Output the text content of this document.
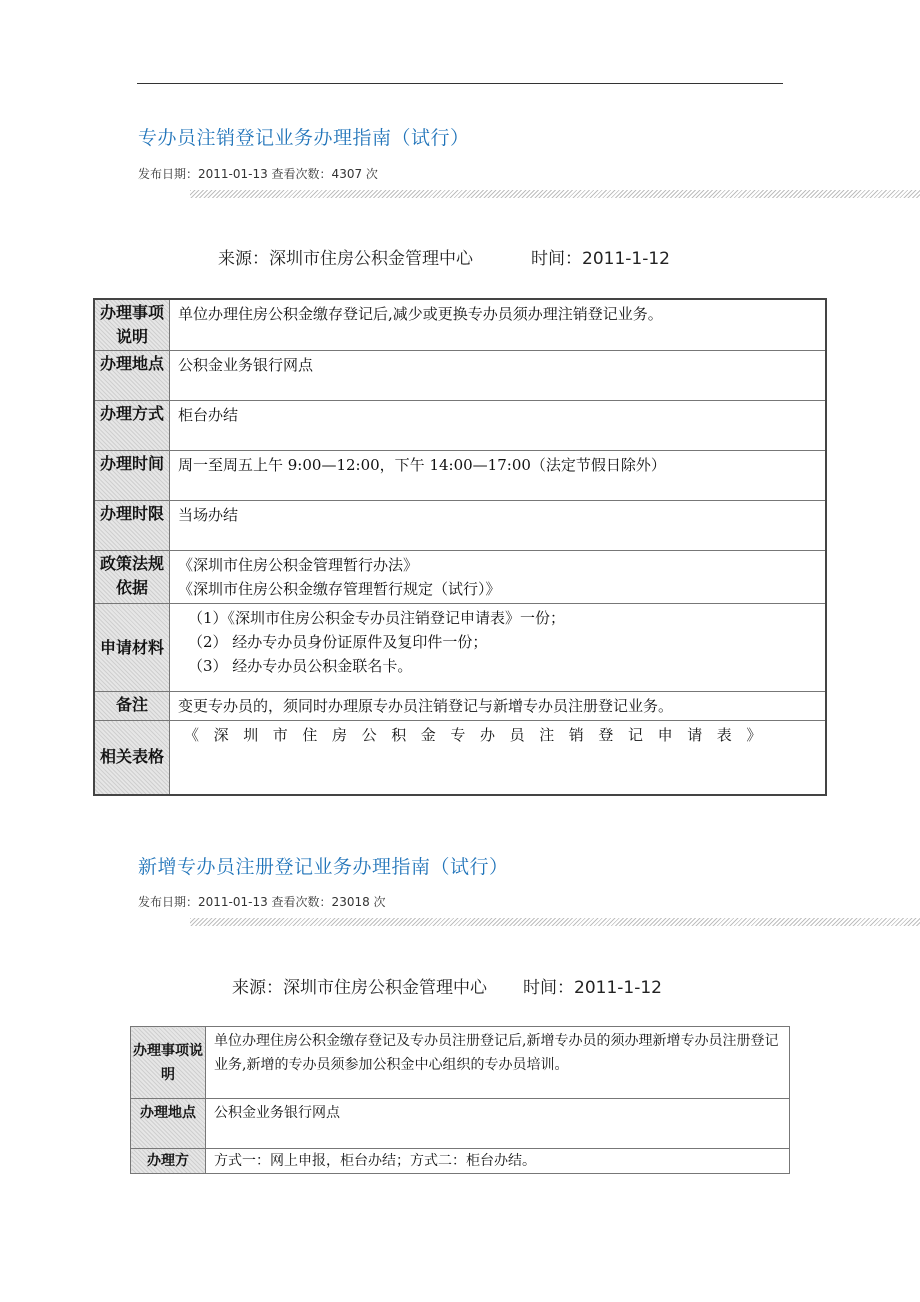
专办员注销登记业务办理指南（试行）
发布日期：2011-01-13 查看次数：4307 次
来源：深圳市住房公积金管理中心	时间：2011-1-12
办理事项说明	单位办理住房公积金缴存登记后,减少或更换专办员须办理注销登记业务。

办理地点	公积金业务银行网点

办理方式	柜台办结

办理时间	周一至周五上午 9:00—12:00，下午 14:00—17:00（法定节假日除外）

办理时限	当场办结

政策法规依据	《深圳市住房公积金管理暂行办法》
《深圳市住房公积金缴存管理暂行规定（试行）》

申请材料	（1）《深圳市住房公积金专办员注销登记申请表》一份；
（2） 经办专办员身份证原件及复印件一份；
（3） 经办专办员公积金联名卡。

备注	变更专办员的，须同时办理原专办员注销登记与新增专办员注册登记业务。

相关表格	《深圳市住房公积金专办员注销登记申请表》
新增专办员注册登记业务办理指南（试行）
发布日期：2011-01-13 查看次数：23018 次
来源：深圳市住房公积金管理中心 时间：2011-1-12
办理事项说明	单位办理住房公积金缴存登记及专办员注册登记后,新增专办员的须办理新增专办员注册登记业务,新增的专办员须参加公积金中心组织的专办员培训。

办理地点	公积金业务银行网点

办理方	方式一：网上申报，柜台办结；方式二：柜台办结。
